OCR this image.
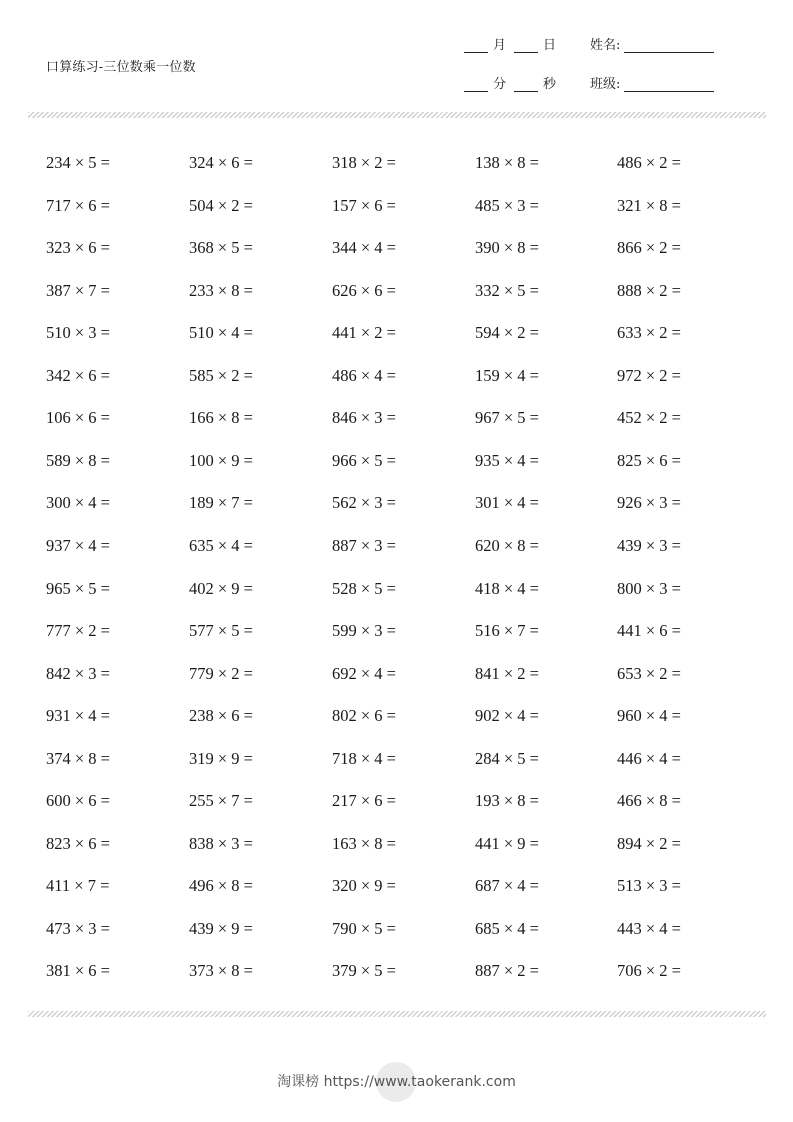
口算练习-三位数乘一位数
月	日
分	秒
姓名:
班级:
234 × 5 =	324 × 6 =	318 × 2 =	138 × 8 =	486 × 2 =
717 × 6 =	504 × 2 =	157 × 6 =	485 × 3 =	321 × 8 =
323 × 6 =	368 × 5 =	344 × 4 =	390 × 8 =	866 × 2 =
387 × 7 =	233 × 8 =	626 × 6 =	332 × 5 =	888 × 2 =
510 × 3 =	510 × 4 =	441 × 2 =	594 × 2 =	633 × 2 =
342 × 6 =	585 × 2 =	486 × 4 =	159 × 4 =	972 × 2 =
106 × 6 =	166 × 8 =	846 × 3 =	967 × 5 =	452 × 2 =
589 × 8 =	100 × 9 =	966 × 5 =	935 × 4 =	825 × 6 =
300 × 4 =	189 × 7 =	562 × 3 =	301 × 4 =	926 × 3 =
937 × 4 =	635 × 4 =	887 × 3 =	620 × 8 =	439 × 3 =
965 × 5 =	402 × 9 =	528 × 5 =	418 × 4 =	800 × 3 =
777 × 2 =	577 × 5 =	599 × 3 =	516 × 7 =	441 × 6 =
842 × 3 =	779 × 2 =	692 × 4 =	841 × 2 =	653 × 2 =
931 × 4 =	238 × 6 =	802 × 6 =	902 × 4 =	960 × 4 =
374 × 8 =	319 × 9 =	718 × 4 =	284 × 5 =	446 × 4 =
600 × 6 =	255 × 7 =	217 × 6 =	193 × 8 =	466 × 8 =
823 × 6 =	838 × 3 =	163 × 8 =	441 × 9 =	894 × 2 =
411 × 7 =	496 × 8 =	320 × 9 =	687 × 4 =	513 × 3 =
473 × 3 =	439 × 9 =	790 × 5 =	685 × 4 =	443 × 4 =
381 × 6 =	373 × 8 =	379 × 5 =	887 × 2 =	706 × 2 =
淘课榜 https://www.taokerank.com
